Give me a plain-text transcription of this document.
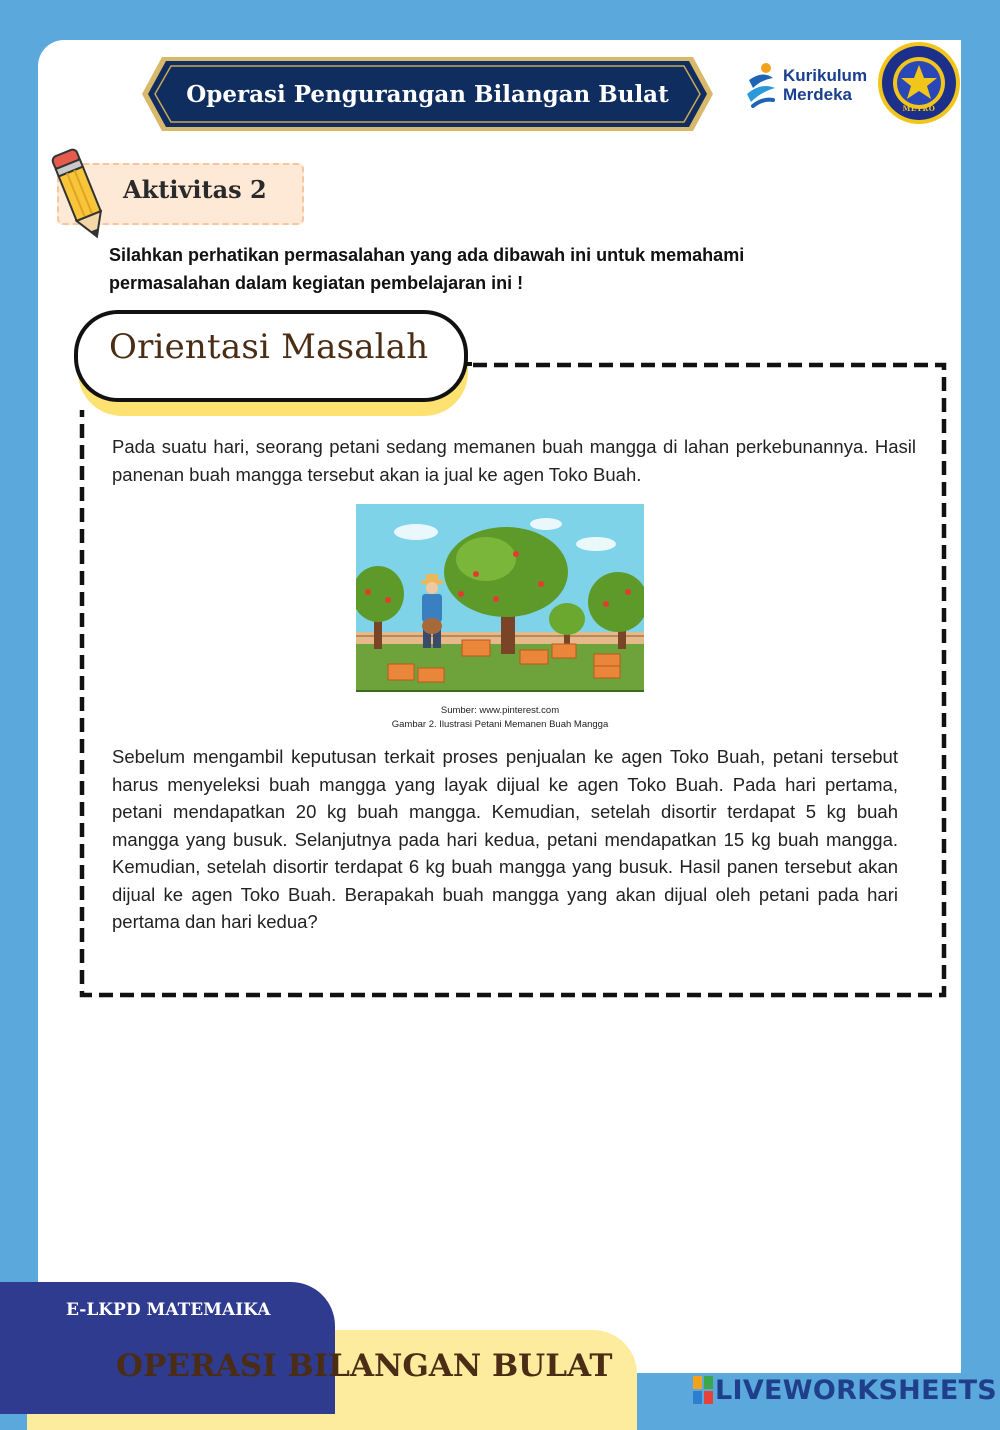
Operasi Pengurangan Bilangan Bulat
Kurikulum
Merdeka
METRO
Aktivitas 2
Silahkan perhatikan permasalahan yang ada dibawah ini untuk memahami permasalahan dalam kegiatan pembelajaran ini !
Orientasi Masalah
Pada suatu hari, seorang petani sedang memanen buah mangga di lahan perkebunannya. Hasil panenan buah mangga tersebut akan ia jual ke agen Toko Buah.
Sumber: www.pinterest.com
Gambar 2. Ilustrasi Petani Memanen Buah Mangga
Sebelum mengambil keputusan terkait proses penjualan ke agen Toko Buah, petani tersebut harus menyeleksi buah mangga yang layak dijual ke agen Toko Buah. Pada hari pertama, petani mendapatkan 20 kg buah mangga. Kemudian, setelah disortir terdapat 5 kg buah mangga yang busuk. Selanjutnya pada hari kedua, petani mendapatkan 15 kg buah mangga. Kemudian, setelah disortir terdapat 6 kg buah mangga yang busuk. Hasil panen tersebut akan dijual ke agen Toko Buah. Berapakah buah mangga yang akan dijual oleh petani pada hari pertama dan hari kedua?
E-LKPD MATEMAIKA
OPERASI BILANGAN BULAT
LIVEWORKSHEETS
